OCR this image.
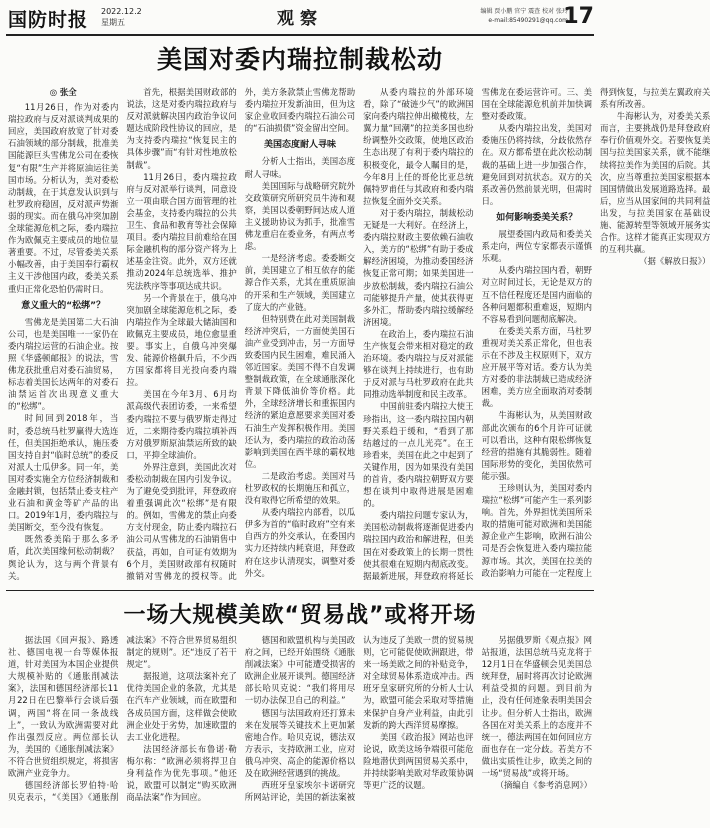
国防时报 2022.12.2
星期五	观察	编辑 贾小鹏 官宁 震查 校对 张玲
e-mail:85490291@qq.com
17
美国对委内瑞拉制裁松动

◎ 张全

11月26日，作为对委内瑞拉政府与反对派谈判成果的回应，美国政府放宽了针对委石油领域的部分制裁，批准美国能源巨头雪佛龙公司在委恢复“有限”生产并将原油运往美国市场。分析认为，美对委松动制裁，在于其意发认识到与杜罗政府稳固，反对派声势渐弱的现实。而在俄乌冲突加剧全球能源危机之际，委内瑞拉作为欧佩克主要成员的地位显著重要。不过，尽管委美关系小幅改善，由于美国奉行霸权主义干涉他国内政，委美关系重归正常化恐怕仍需时日。

意义重大的“松绑”？

雪佛龙是美国第二大石油公司，也是美国唯一一家仍在委内瑞拉运营的石油企业。按照《华盛顿邮报》的说法，雪佛龙获批重启对委石油贸易，标志着美国长达两年的对委石油禁运首次出现意义重大的“松绑”。

时间回到2018年，当时，委总统马杜罗赢得大选连任，但美国拒绝承认，施压委国支持自封“临时总统”的委反对派人士瓜伊多。同一年，美国对委实施全方位经济制裁和金融封锁，包括禁止委支柱产业石油和黄金等矿产品的出口。2019年1月，委内瑞拉与美国断交，至今没有恢复。

既然委美陷于那么多矛盾，此次美国缘何松动制裁？舆论认为，这与两个背景有关。

首先，根据美国财政部的说法，这是对委内瑞拉政府与反对派就解决国内政治争议问题达成阶段性协议的回应，是为支持委内瑞拉“恢复民主的具体步骤”而“有针对性地放松制裁”。

11月26日，委内瑞拉政府与反对派举行谈判，同意设立一项由联合国方面管理的社会基金，支持委内瑞拉的公共卫生、食品和教育等社会保障项目。委内瑞拉目前难给在国际金融机构的部分资产将为上述基金注资。此外，双方还就推动2024年总统选举、推护宪法秩序等事项达成共识。

另一个背景在于，俄乌冲突加剧全球能源危机之际，委内瑞拉作为全球最大储油国和欧佩克主要成员，地位愈显重要。事实上，自俄乌冲突爆发、能源价格飙升后，不少西方国家都将目光投向委内瑞拉。

美国在今年3月、6月均派高级代表团访委，一来希望委内瑞拉不要与俄罗斯走得过近，二来期待委内瑞拉填补西方对俄罗斯原油禁运所致的缺口，平抑全球油价。

外界注意到，美国此次对委松动制裁在国内引发争议。为了避免受到批评，拜登政府着重强调此次“松绑”是有限的。例如，雪佛龙的禁止向委方支付现金，防止委内瑞拉石油公司从雪佛龙的石油销售中获益，再如，自可证有效期为6个月，美国财政部有权随时撤销对雪佛龙的授权等。此外，美方条款禁止雪佛龙帮助委内瑞拉开发新油田，但为这家企业收回委内瑞拉石油公司的“石油损债”资金留出空间。

美国态度耐人寻味

分析人士指出，美国态度耐人寻味。

美国国际与战略研究院外交政策研究所研究员牛涛和观察，美国以委朝野间达成人道主义援助协议为抓手，批准雪佛龙重启在委业务，有两点考虑。

一是经济考虑。委委断交前，美国建立了相互依存的能源合作关系，尤其在重质原油的开采和生产领域，美国建立了庞大的产业链。

但特别费在此对美国制裁经济冲突后，一方面使美国石油产业受到冲击，另一方面导致委国内民生困难，难民涌入邻近国家。美国不得不自发调整制裁政策，在全球通胀深化背景下降低油价等价格。此外，全球经济增长和重振国内经济的紧迫意愿要求美国对委石油生产发挥积极作用。美国还认为，委内瑞拉的政治动荡影响到美国在西半球的霸权地位。

二是政治考虑。美国对马杜罗政权的长期施压和孤立，没有取得它所希望的效果。

从委内瑞拉内部看，以瓜伊多为首的“临时政府”空有来自西方的外交承认，在委国内实力还持续内耗衰退，拜登政府在这步认清现实，调整对委外交。

从委内瑞拉的外部环境看，除了“破涟少气”的欧洲国家向委内瑞拉伸出橄榄枝，左翼力量“回潮”的拉美多国也纷纷调整外交政策，使地区政治生态出现了有利于委内瑞拉的积极变化，最令人瞩目的是，今年8月上任的哥伦比亚总统佩特罗甫任与其政府和委内瑞拉恢复全面外交关系。

对于委内瑞拉，制裁松动无疑是一大利好。在经济上，委内瑞拉财政主要依赖石油收入，美方的“松绑”有助于委成解经济困境，为推动委国经济恢复正常可期；如果美国进一步放松制裁，委内瑞拉石油公司能够提升产量，使其获得更多外汇，帮助委内瑞拉缓解经济困境。

在政治上，委内瑞拉石油生产恢复会带来相对稳定的政治环境。委内瑞拉与反对派能够在谈判上持续进行，也有助于反对派与马杜罗政府在此共同推动选举制度和民主改革。

中国前驻委内瑞拉大使王珍指出，这一委内瑞拉国内朝野关系趋于缓和，“看到了那结越过的一点儿光亮”。在王珍看来，美国在此之中起到了关键作用，因为如果没有美国的首肯，委内瑞拉朝野双方要想在谈判中取得进展是困难的。

委内瑞拉问题专家认为，美国松动制裁将逐渐促进委内瑞拉国内政治和解进程，但美国在对委政策上的长期一贯性使其很难在短期内彻底改变。据最新进展，拜登政府将延长雪佛龙在委运营许可。三、美国在全球能源危机前并加快调整对委政策。

从委内瑞拉出发，美国对委施压仍将持续，分歧依然存在。双方都希望在此次松动制裁的基础上进一步加强合作，避免回到对抗状态。双方的关系改善仍然前景光明，但需时日。

如何影响委美关系？

展望委国内政局和委美关系走向，两位专家都表示谨慎乐观。

从委内瑞拉国内看，朝野对立时间过长，无论是双方的互不信任程度还是国内面临的各种问题都积重难返，短期内不容易看到问题彻底解决。

在委美关系方面，马杜罗重视对美关系正常化，但也表示在不涉及主权原则下，双方应开展平等对话。委方认为美方对委的非法制裁已造成经济困难，美方应全面取消对委制裁。

牛海彬认为，从美国财政部此次颁布的6个月许可证就可以看出，这种有限松绑恢复经营的措施有其脆弱性。随着国际形势的变化，美国依然可能示强。

王珍则认为，美国对委内瑞拉“松绑”可能产生一系列影响。首先，外界担忧美国所采取的措施可能对欧洲和美国能源企业产生影响，欧洲石油公司是否会恢复进入委内瑞拉能源市场。其次，美国在拉美的政治影响力可能在一定程度上得到恢复，与拉美左翼政府关系有所改善。

牛海彬认为，对委美关系而言，主要挑战仍是拜登政府奉行价值观外交。若要恢复美国与拉美国家关系，就不能继续将拉美作为美国的后院。其次，应当尊重拉美国家根据本国国情做出发展道路选择。最后，应当从国家间的共同利益出发，与拉美国家在基础设施、能源转型等领域开展务实合作。这样才能真正实现双方的互利共赢。

（据《解放日报》）

一场大规模美欧“贸易战”或将开场

据法国《回声报》、路透社、德国电视一台等媒体报道，针对美国为本国企业提供大规模补贴的《通胀削减法案》，法国和德国经济部长11月22日在巴黎举行会谈后强调，两国“将在同一条战线上”，一致认为欧洲需要对此作出强烈反应。两位部长认为，美国的《通胀削减法案》不符合世贸组织规定，将损害欧洲产业竞争力。

德国经济部长罗伯特·哈贝克表示，“《美国》《通胀削减法案》不符合世界贸易组织制定的规则”。还“违反了若干规定”。

据报道，这项法案补充了优待美国企业的条款，尤其是在汽车产业领域，而在欧盟和各成员国方面，这样做会使欧洲企业处于劣势，加速欧盟的去工业化进程。

法国经济部长布鲁诺·勒梅尔称：“欧洲必须将捍卫自身利益作为优先事项。”他还说，欧盟可以制定“购买欧洲商品法案”作为回应。

德国和欧盟机构与美国政府之间，已经开始围绕《通胀削减法案》中可能遭受损害的欧洲企业展开谈判。德国经济部长哈贝克说：“我们将用尽一切办法保卫自己的利益。”

德国与法国政府还打算未来在发展等关键技术上更加紧密地合作。哈贝克说，德法双方表示，支持欧洲工业，应对俄乌冲突、高企的能源价格以及在欧洲经营遇到的挑战。

西班牙皇家埃尔卡诺研究所网站评论，美国的新法案被认为违反了美欧一贯的贸易规则，它可能促使欧洲跟进，带来一场美欧之间的补贴竞争，对全球贸易体系造成冲击。西班牙皇家研究所的分析人士认为，欧盟可能会采取对等措施来保护自身产业利益，由此引发新的跨大西洋贸易摩擦。

美国《政治报》网站也评论说，欧美这场争端很可能危险地潜伏到两国贸易关系中，并持续影响美欧对华政策协调等更广泛的议题。

另据俄罗斯《观点报》网站报道，法国总统马克龙将于12月1日在华盛顿会见美国总统拜登，届时将再次讨论欧洲利益受损的问题。到目前为止，没有任何迹象表明美国会让步。但分析人士指出，欧洲各国在对美关系上的态度并不统一，德法两国在如何回应方面也存在一定分歧。若美方不做出实质性让步，欧美之间的一场“贸易战”或将开场。

（摘编自《参考消息网》）
